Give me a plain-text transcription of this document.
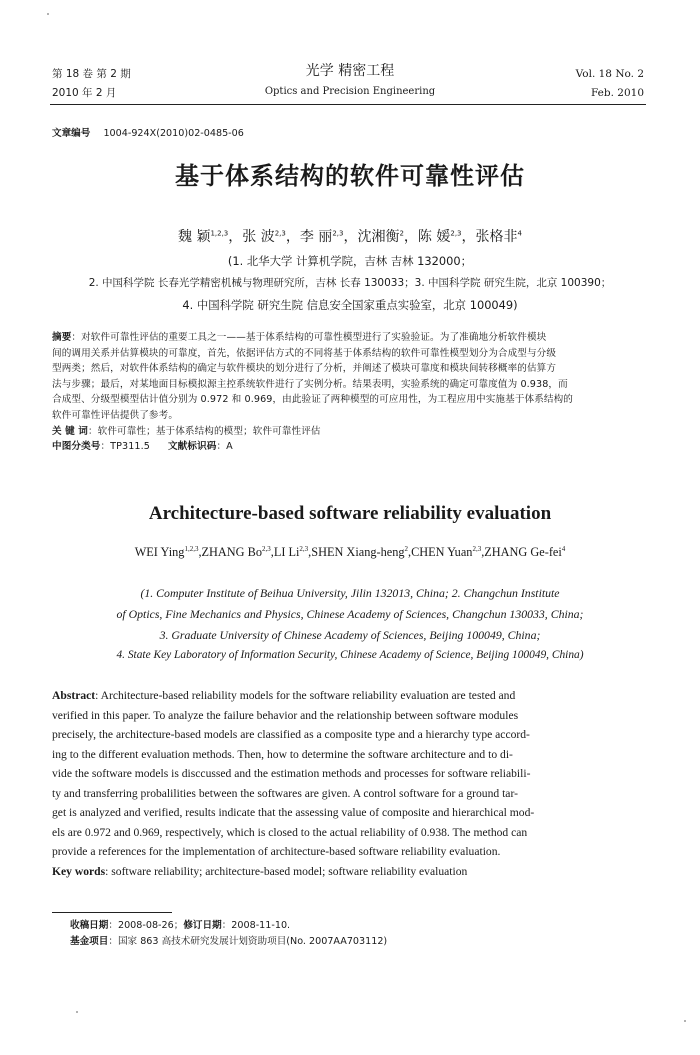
第 18 卷 第 2 期
2010 年 2 月
光学 精密工程
Optics and Precision Engineering
Vol. 18 No. 2
Feb. 2010
文章编号 1004-924X(2010)02-0485-06
基于体系结构的软件可靠性评估
魏 颖$^{1,2,3}$，张 波$^{2,3}$，李 丽$^{2,3}$，沈湘衡$^2$，陈 媛$^{2,3}$，张格非$^4$
(1. 北华大学 计算机学院，吉林 吉林 132000；
2. 中国科学院 长春光学精密机械与物理研究所，吉林 长春 130033；3. 中国科学院 研究生院，北京 100390；
4. 中国科学院 研究生院 信息安全国家重点实验室，北京 100049)
摘要：对软件可靠性评估的重要工具之一——基于体系结构的可靠性模型进行了实验验证。为了准确地分析软件模块
间的调用关系并估算模块的可靠度，首先，依据评估方式的不同将基于体系结构的软件可靠性模型划分为合成型与分级
型两类；然后，对软件体系结构的确定与软件模块的划分进行了分析，并阐述了模块可靠度和模块间转移概率的估算方
法与步骤；最后，对某地面目标模拟源主控系统软件进行了实例分析。结果表明，实验系统的确定可靠度值为 0.938，而
合成型、分级型模型估计值分别为 0.972 和 0.969，由此验证了两种模型的可应用性，为工程应用中实施基于体系结构的
软件可靠性评估提供了参考。
关 键 词：软件可靠性；基于体系结构的模型；软件可靠性评估
中图分类号：TP311.5 文献标识码：A
Architecture-based software reliability evaluation
WEI Ying$^{1,2,3}$,ZHANG Bo$^{2,3}$,LI Li$^{2,3}$,SHEN Xiang-heng$^2$,CHEN Yuan$^{2,3}$,ZHANG Ge-fei$^4$
(1. Computer Institute of Beihua University, Jilin 132013, China; 2. Changchun Institute
of Optics, Fine Mechanics and Physics, Chinese Academy of Sciences, Changchun 130033, China;
3. Graduate University of Chinese Academy of Sciences, Beijing 100049, China;
4. State Key Laboratory of Information Security, Chinese Academy of Science, Beijing 100049, China)
Abstract: Architecture-based reliability models for the software reliability evaluation are tested and
verified in this paper. To analyze the failure behavior and the relationship between software modules
precisely, the architecture-based models are classified as a composite type and a hierarchy type accord-
ing to the different evaluation methods. Then, how to determine the software architecture and to di-
vide the software models is disccussed and the estimation methods and processes for software reliabili-
ty and transferring probalilities between the softwares are given. A control software for a ground tar-
get is analyzed and verified, results indicate that the assessing value of composite and hierarchical mod-
els are 0.972 and 0.969, respectively, which is closed to the actual reliability of 0.938. The method can
provide a references for the implementation of architecture-based software reliability evaluation.
Key words: software reliability; architecture-based model; software reliability evaluation
收稿日期：2008-08-26；修订日期：2008-11-10.
基金项目：国家 863 高技术研究发展计划资助项目(No. 2007AA703112)
